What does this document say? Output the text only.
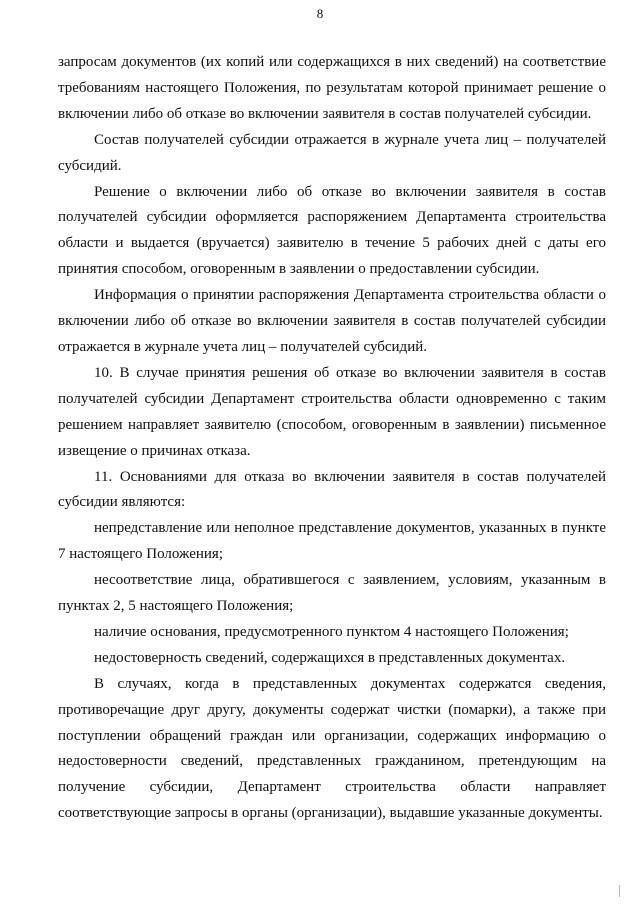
8

запросам документов (их копий или содержащихся в них сведений) на соответствие требованиям настоящего Положения, по результатам которой принимает решение о включении либо об отказе во включении заявителя в состав получателей субсидии.

Состав получателей субсидии отражается в журнале учета лиц – получателей субсидий.

Решение о включении либо об отказе во включении заявителя в состав получателей субсидии оформляется распоряжением Департамента строительства области и выдается (вручается) заявителю в течение 5 рабочих дней с даты его принятия способом, оговоренным в заявлении о предоставлении субсидии.

Информация о принятии распоряжения Департамента строительства области о включении либо об отказе во включении заявителя в состав получателей субсидии отражается в журнале учета лиц – получателей субсидий.

10. В случае принятия решения об отказе во включении заявителя в состав получателей субсидии Департамент строительства области одновременно с таким решением направляет заявителю (способом, оговоренным в заявлении) письменное извещение о причинах отказа.

11. Основаниями для отказа во включении заявителя в состав получателей субсидии являются:

непредставление или неполное представление документов, указанных в пункте 7 настоящего Положения;

несоответствие лица, обратившегося с заявлением, условиям, указанным в пунктах 2, 5 настоящего Положения;

наличие основания, предусмотренного пунктом 4 настоящего Положения;

недостоверность сведений, содержащихся в представленных документах.

В случаях, когда в представленных документах содержатся сведения, противоречащие друг другу, документы содержат чистки (помарки), а также при поступлении обращений граждан или организации, содержащих информацию о недостоверности сведений, представленных гражданином, претендующим на получение субсидии, Департамент строительства области направляет соответствующие запросы в органы (организации), выдавшие указанные документы.
